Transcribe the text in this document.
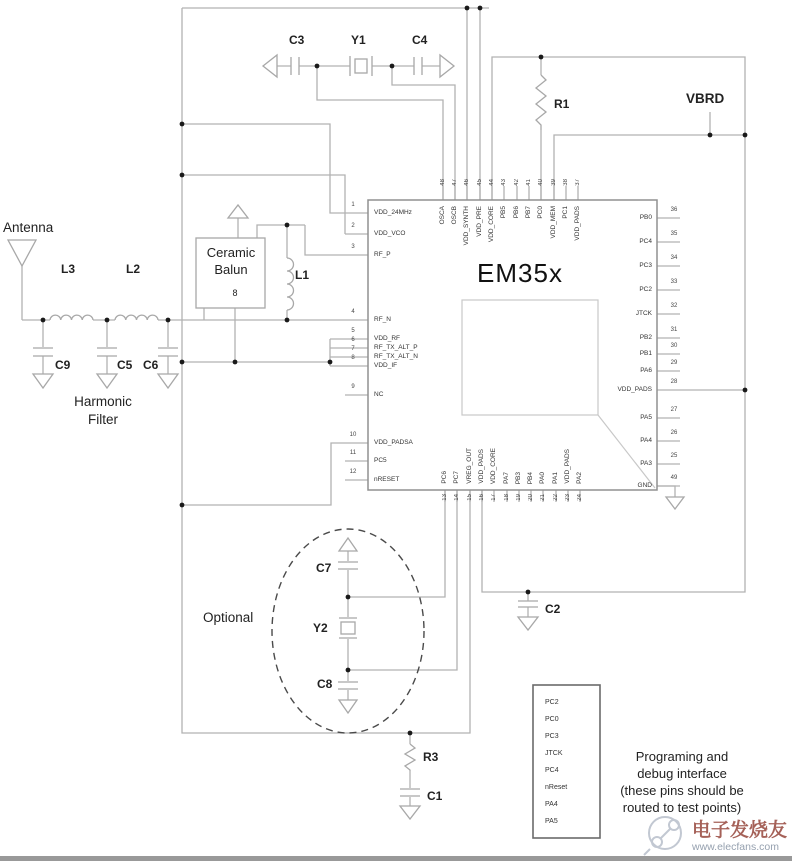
Antenna
L3	L2
C9	C5 C6
Harmonic
Filter
Ceramic
Balun
8
L1
C3	Y1	C4
R1	VBRD
EM35x
Optional
C7
Y2
C8
C2
R3
C1
Programing and
debug interface
(these pins should be
routed to test points)
电子发烧友
www.elecfans.com
VDD_24MHz
1
VDD_VCO
2
RF_P
3
RF_N
4
VDD_RF
5
RF_TX_ALT_P
6
RF_TX_ALT_N
7
VDD_IF
8
NC
9
VDD_PADSA
10
PC5
11
nRESET
12
PB0
36
PC4
35
PC3
34
PC2
33
JTCK
32
PB2
31
PB1
30
PA6
29
VDD_PADS
28
PA5
27
PA4
26
PA3
25
GND
49
OSCA
48
OSCB
47
VDD_SYNTH
46
VDD_PRE
45
VDD_CORE
44
PB5
43
PB6
42
PB7
41
PC0
40
VDD_MEM
39
PC1
38
VDD_PADS
37
PC6
13
PC7
14
VREG_OUT
15
VDD_PADS
16
VDD_CORE
17
PA7
18
PB3
19
PB4
20
PA0
21
PA1
22
VDD_PADS
23
PA2
24
PC2
PC0
PC3
JTCK
PC4
nReset
PA4
PA5
